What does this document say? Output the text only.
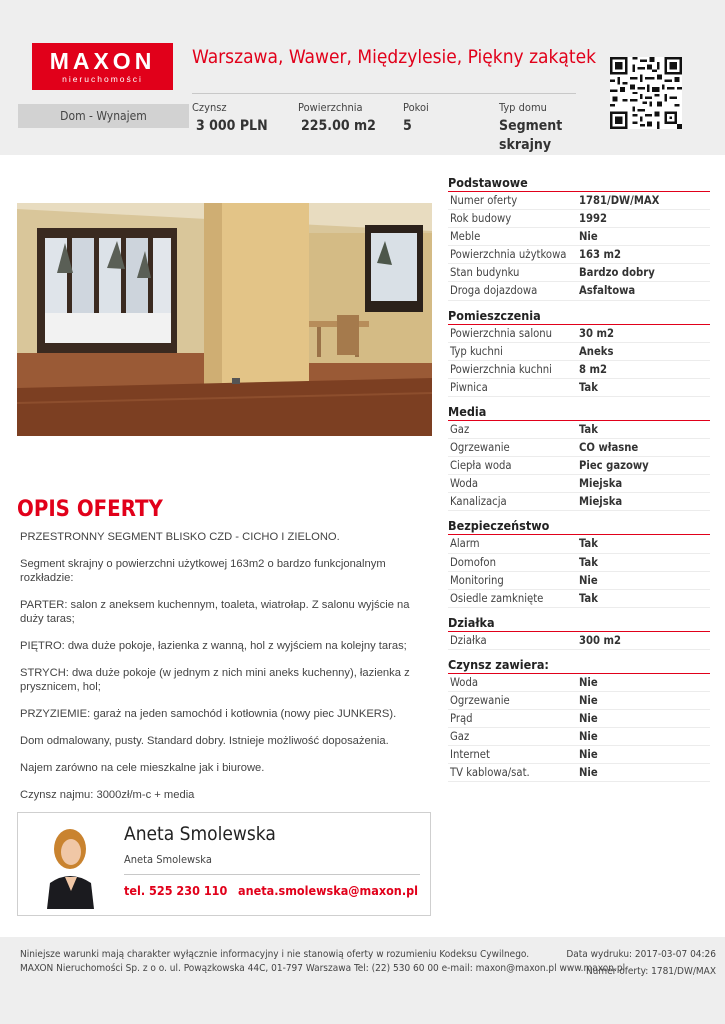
MAXON
nieruchomości
Warszawa, Wawer, Międzylesie, Piękny zakątek
Dom - Wynajem
Czynsz
3 000 PLN
Powierzchnia
225.00 m2
Pokoi
5
Typ domu
Segment skrajny
OPIS OFERTY

PRZESTRONNY SEGMENT BLISKO CZD - CICHO I ZIELONO.

Segment skrajny o powierzchni użytkowej 163m2 o bardzo funkcjonalnym rozkładzie:

PARTER: salon z aneksem kuchennym, toaleta, wiatrołap. Z salonu wyjście na duży taras;

PIĘTRO: dwa duże pokoje, łazienka z wanną, hol z wyjściem na kolejny taras;

STRYCH: dwa duże pokoje (w jednym z nich mini aneks kuchenny), łazienka z prysznicem, hol;

PRZYZIEMIE: garaż na jeden samochód i kotłownia (nowy piec JUNKERS).

Dom odmalowany, pusty. Standard dobry. Istnieje możliwość doposażenia.

Najem zarówno na cele mieszkalne jak i biurowe.

Czynsz najmu: 3000zł/m-c + media

Aneta Smolewska
Aneta Smolewska
tel. 525 230 110 aneta.smolewska@maxon.pl
Podstawowe
Numer oferty	1781/DW/MAX
Rok budowy	1992
Meble	Nie
Powierzchnia użytkowa 163 m2
Stan budynku	Bardzo dobry
Droga dojazdowa	Asfaltowa
Pomieszczenia
Powierzchnia salonu 30 m2
Typ kuchni	Aneks
Powierzchnia kuchni 8 m2
Piwnica	Tak
Media
Gaz	Tak
Ogrzewanie	CO własne
Ciepła woda	Piec gazowy
Woda	Miejska
Kanalizacja	Miejska
Bezpieczeństwo
Alarm	Tak
Domofon	Tak
Monitoring	Nie
Osiedle zamknięte	Tak
Działka
Działka	300 m2
Czynsz zawiera:
Woda	Nie
Ogrzewanie	Nie
Prąd	Nie
Gaz	Nie
Internet	Nie
TV kablowa/sat.	Nie
Niniejsze warunki mają charakter wyłącznie informacyjny i nie stanowią oferty w rozumieniu Kodeksu Cywilnego.
MAXON Nieruchomości Sp. z o o. ul. Powązkowska 44C, 01-797 Warszawa Tel: (22) 530 60 00 e-mail: maxon@maxon.pl www.maxon.pl
Data wydruku: 2017-03-07 04:26
Numer oferty: 1781/DW/MAX
